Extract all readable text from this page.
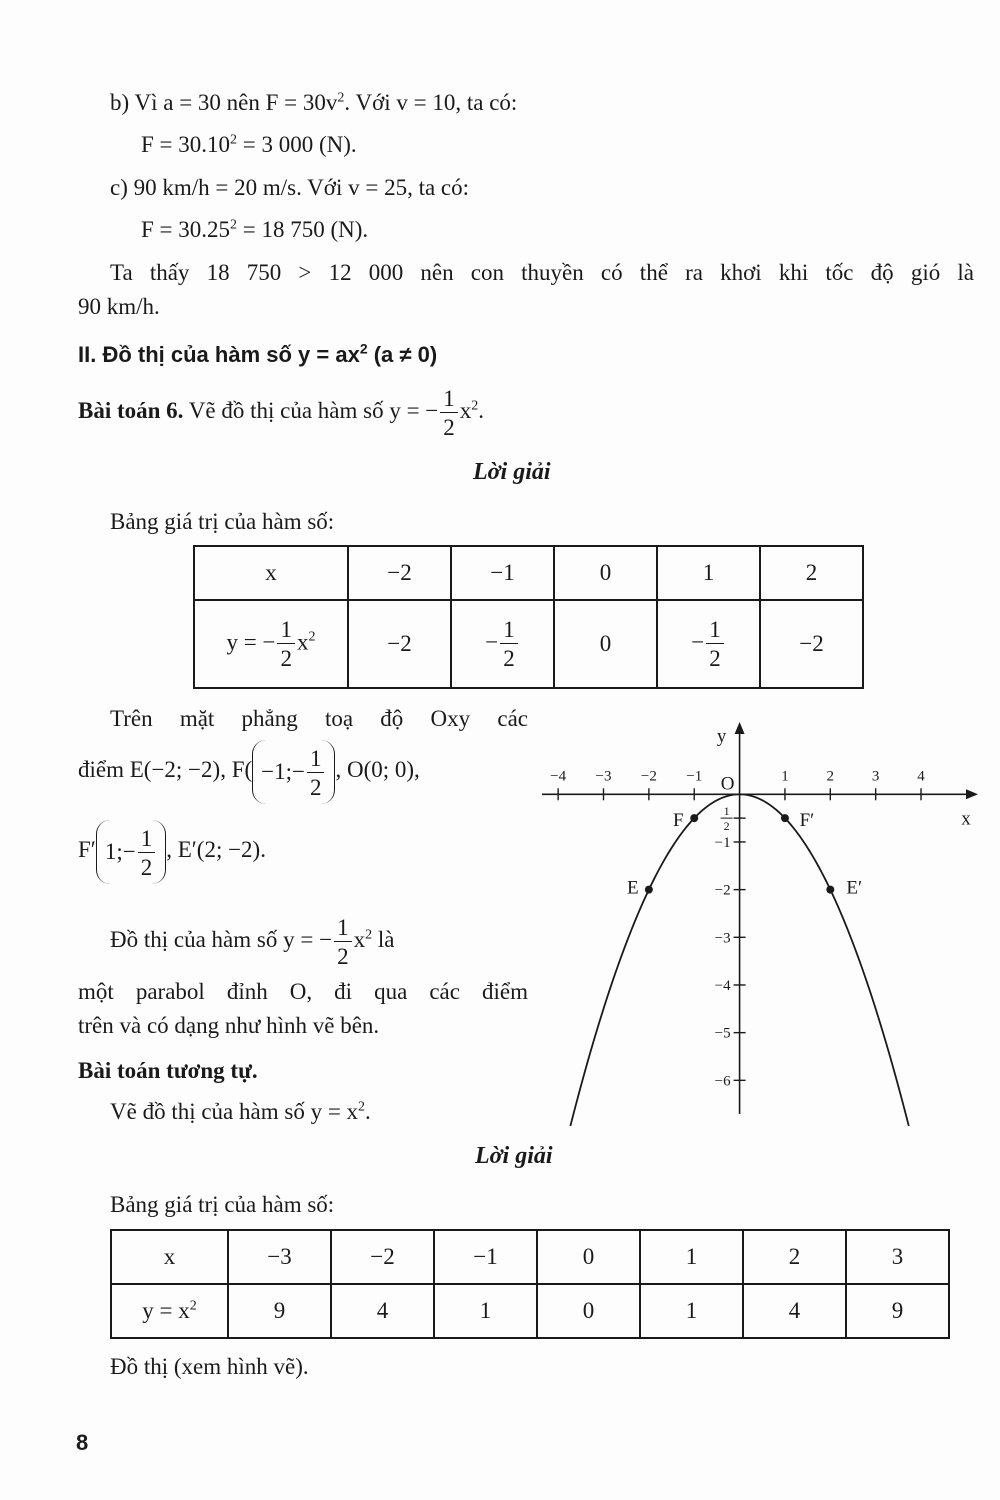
b) Vì a = 30 nên $F = 30v^2$. Với v = 10, ta có:
$F = 30.10^2 = 3$ 000 (N).
c) 90 km/h = 20 m/s. Với v = 25, ta có:
$F = 30.25^2 = 18$ 750 (N).
Ta thấy 18 750 > 12 000 nên con thuyền có thể ra khơi khi tốc độ gió là
90 km/h.
II. Đồ thị của hàm số $y = ax^2$ (a ≠ 0)
Bài toán 6. Vẽ đồ thị của hàm số y = − $\frac{1}{2} x^2$.
Lời giải
Bảng giá trị của hàm số:
x	−2	−1	0	1	2
y = − $\frac{1}{2} x^2$	−2	− $\frac{1}{2}$	0	− $\frac{1}{2}$	−2
Trên mặt phẳng toạ độ Oxy các
điểm E(−2; −2), F( −1;− $\frac{1}{2}$ , O(0; 0),
F′ 1;− $\frac{1}{2}$ , E′(2; −2).
Đồ thị của hàm số y = − $\frac{1}{2} x^2$ là
một parabol đỉnh O, đi qua các điểm
trên và có dạng như hình vẽ bên.
Bài toán tương tự.
Vẽ đồ thị của hàm số $y = x^2$.
x
y
O
−4 −3 −2 −1	1	2	3	4
−1
−2
−3
−4
−5
−6
1
2
E
F	F′
E′
Lời giải
Bảng giá trị của hàm số:
x	−3	−2	−1	0	1	2	3
$y = x^2$	9	4	1	0	1	4	9
Đồ thị (xem hình vẽ).
8
